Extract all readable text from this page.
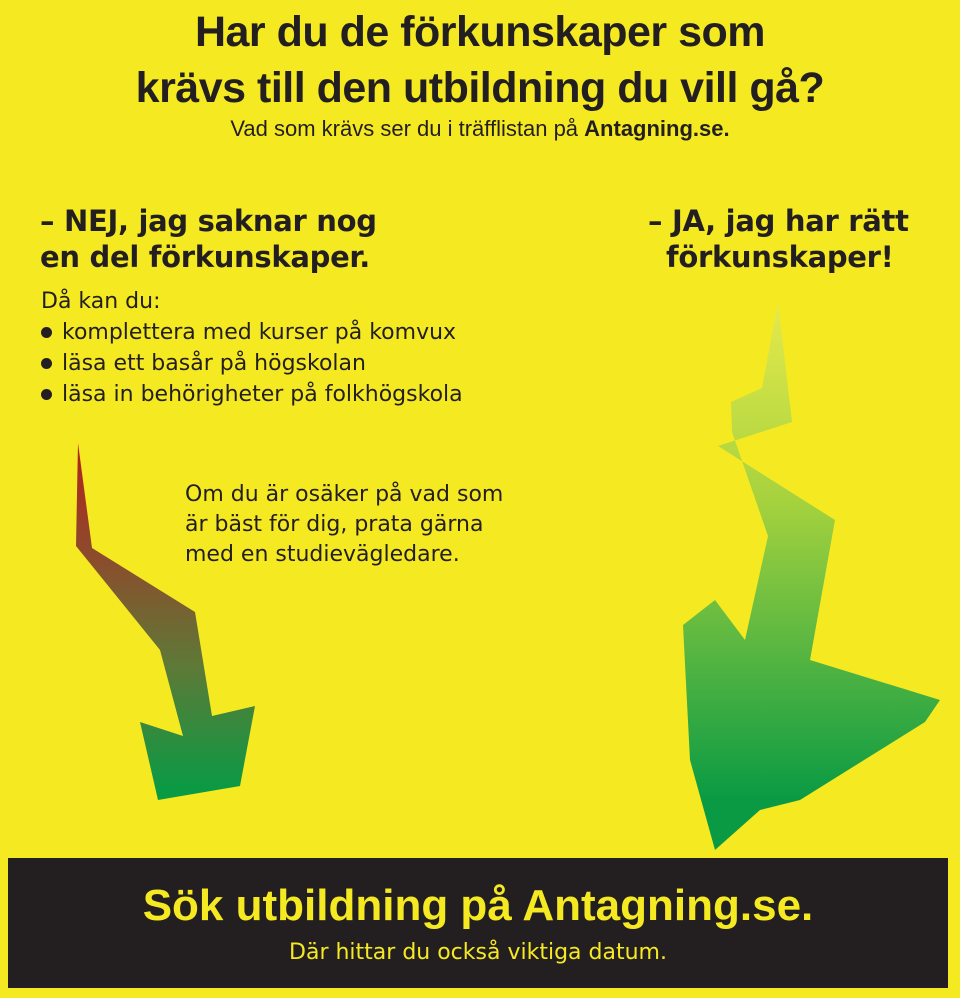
Har du de förkunskaper som
krävs till den utbildning du vill gå?

Vad som krävs ser du i träfflistan på Antagning.se.

– NEJ, jag saknar nog
en del förkunskaper.
– JA, jag har rätt
förkunskaper!

Då kan du:

komplettera med kurser på komvux
läsa ett basår på högskolan
läsa in behörigheter på folkhögskola

Om du är osäker på vad som
är bäst för dig, prata gärna
med en studievägledare.

Sök utbildning på Antagning.se.

Där hittar du också viktiga datum.
